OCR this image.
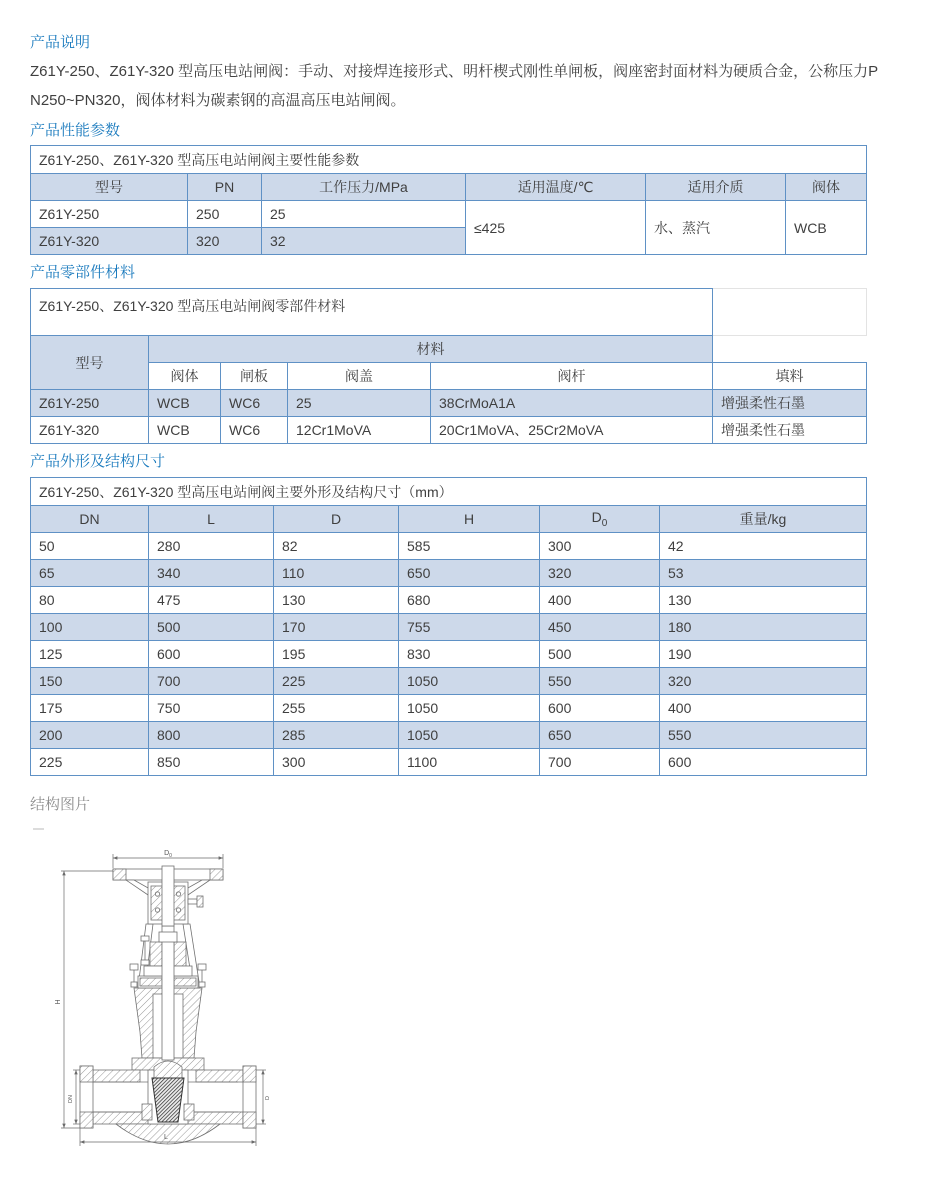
产品说明
Z61Y-250、Z61Y-320 型高压电站闸阀：手动、对接焊连接形式、明杆楔式刚性单闸板，阀座密封面材料为硬质合金，公称压力P
N250~PN320，阀体材料为碳素钢的高温高压电站闸阀。
产品性能参数
Z61Y-250、Z61Y-320 型高压电站闸阀主要性能参数					
型号	PN	工作压力/MPa	适用温度/℃	适用介质	阀体
Z61Y-250	250	25	≤425	水、蒸汽	WCB
Z61Y-320	320	32			
产品零部件材料
Z61Y-250、Z61Y-320 型高压电站闸阀零部件材料					
型号	材料				
	阀体	闸板	阀盖	阀杆	填料
Z61Y-250	WCB	WC6	25	38CrMoA1A	增强柔性石墨
Z61Y-320	WCB	WC6	12Cr1MoVA	20Cr1MoVA、25Cr2MoVA	增强柔性石墨
产品外形及结构尺寸
Z61Y-250、Z61Y-320 型高压电站闸阀主要外形及结构尺寸（mm）					
DN	L	D	H	$D_0$	重量/kg
50	280	82	585	300	42
65	340	110	650	320	53
80	475	130	680	400	130
100	500	170	755	450	180
125	600	195	830	500	190
150	700	225	1050	550	320
175	750	255	1050	600	400
200	800	285	1050	650	550
225	850	300	1100	700	600
结构图片
$D_0$
H
DN	D
L
